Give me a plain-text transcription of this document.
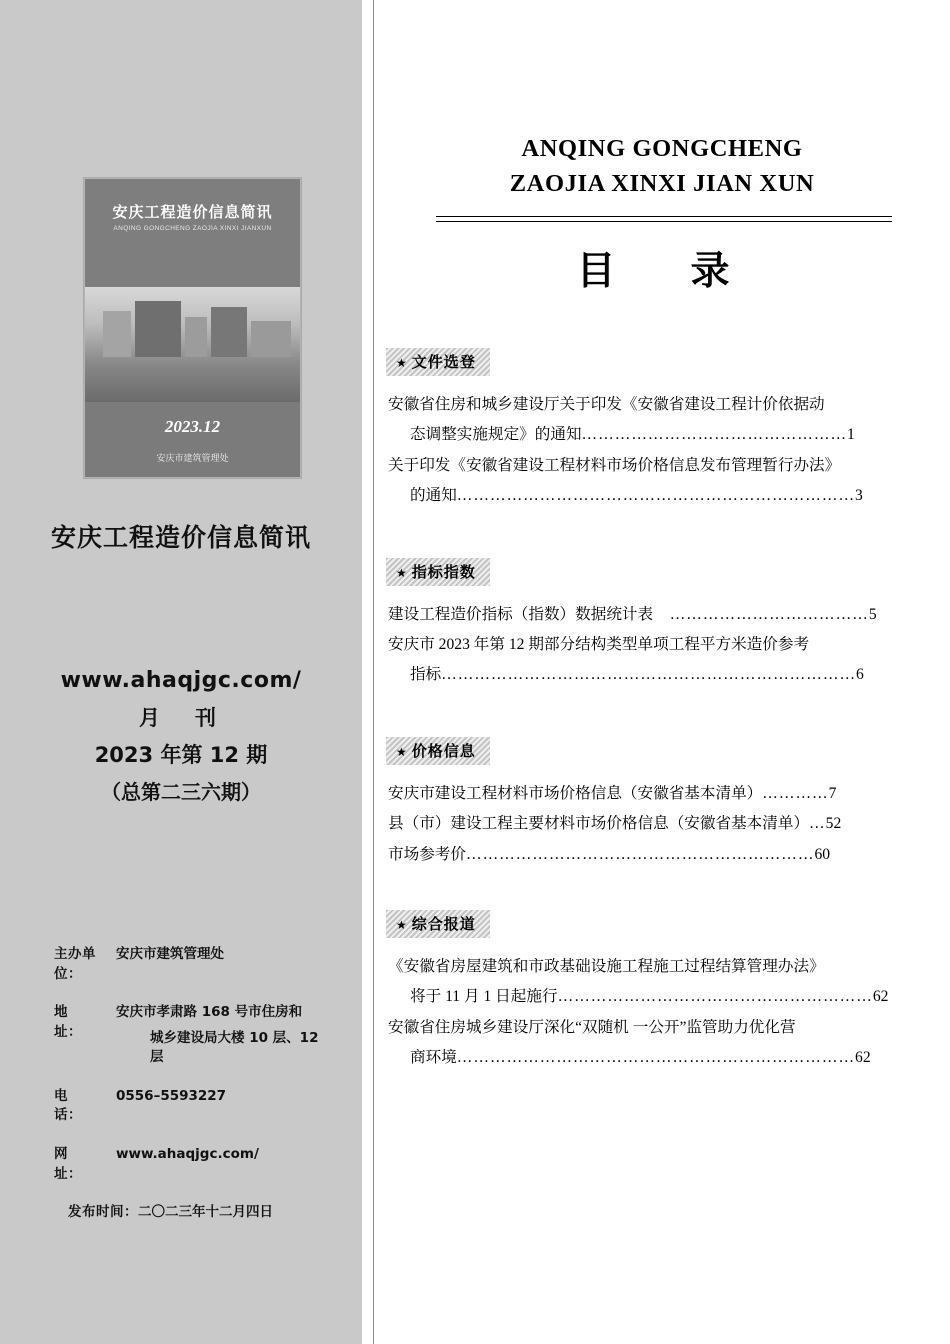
安庆工程造价信息简讯
ANQING GONGCHENG ZAOJIA XINXI JIANXUN
2023.12
安庆市建筑管理处
安庆工程造价信息简讯
www.ahaqjgc.com/
月　刊
2023 年第 12 期
（总第二三六期）
主办单位：
安庆市建筑管理处
地　　址：
安庆市孝肃路 168 号市住房和
城乡建设局大楼 10 层、12 层
电　　话：
0556–5593227
网　　址：
www.ahaqjgc.com/
发布时间： 二〇二三年十二月四日
ANQING GONGCHENG
ZAOJIA XINXI JIAN XUN
目　录
★ 文件选登
安徽省住房和城乡建设厅关于印发《安徽省建设工程计价依据动
态调整实施规定》的通知…………………………………………1
关于印发《安徽省建设工程材料市场价格信息发布管理暂行办法》
的通知………………………………………………………………3
★ 指标指数
建设工程造价指标（指数）数据统计表　………………………………5
安庆市 2023 年第 12 期部分结构类型单项工程平方米造价参考
指标…………………………………………………………………6
★ 价格信息
安庆市建设工程材料市场价格信息（安徽省基本清单）…………7
县（市）建设工程主要材料市场价格信息（安徽省基本清单）…52
市场参考价………………………………………………………60
★ 综合报道
《安徽省房屋建筑和市政基础设施工程施工过程结算管理办法》
将于 11 月 1 日起施行…………………………………………………62
安徽省住房城乡建设厅深化“双随机 一公开”监管助力优化营
商环境………………………………………………………………62
